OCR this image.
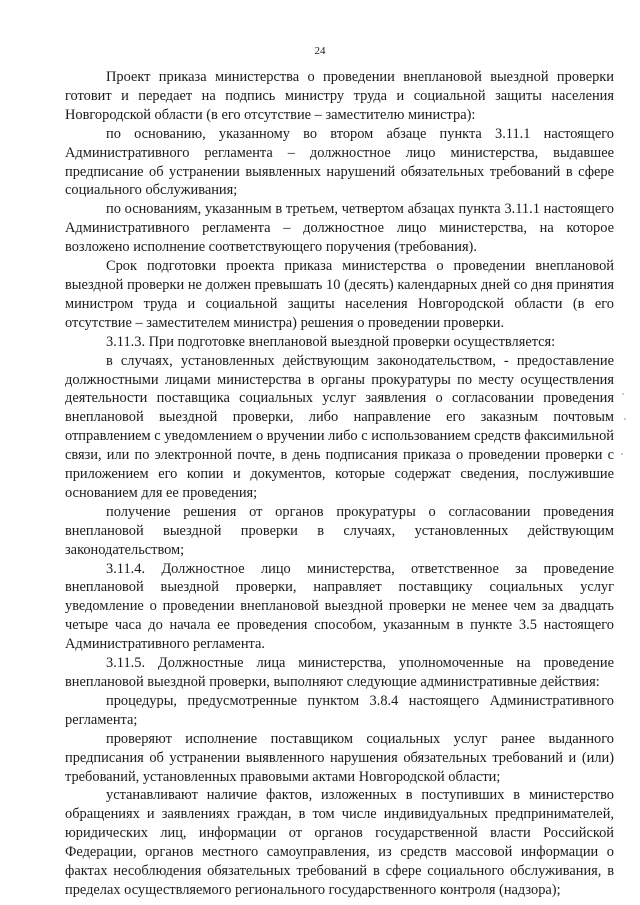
24

Проект приказа министерства о проведении внеплановой выездной проверки готовит и передает на подпись министру труда и социальной защиты населения Новгородской области (в его отсутствие – заместителю министра):

по основанию, указанному во втором абзаце пункта 3.11.1 настоящего Административного регламента – должностное лицо министерства, выдавшее предписание об устранении выявленных нарушений обязательных требований в сфере социального обслуживания;

по основаниям, указанным в третьем, четвертом абзацах пункта 3.11.1 настоящего Административного регламента – должностное лицо министерства, на которое возложено исполнение соответствующего поручения (требования).

Срок подготовки проекта приказа министерства о проведении внеплановой выездной проверки не должен превышать 10 (десять) календарных дней со дня принятия министром труда и социальной защиты населения Новгородской области (в его отсутствие – заместителем министра) решения о проведении проверки.

3.11.3. При подготовке внеплановой выездной проверки осуществляется:

в случаях, установленных действующим законодательством, - предоставление должностными лицами министерства в органы прокуратуры по месту осуществления деятельности поставщика социальных услуг заявления о согласовании проведения внеплановой выездной проверки, либо направление его заказным почтовым отправлением с уведомлением о вручении либо с использованием средств факсимильной связи, или по электронной почте, в день подписания приказа о проведении проверки с приложением его копии и документов, которые содержат сведения, послужившие основанием для ее проведения;

получение решения от органов прокуратуры о согласовании проведения внеплановой выездной проверки в случаях, установленных действующим законодательством;

3.11.4. Должностное лицо министерства, ответственное за проведение внеплановой выездной проверки, направляет поставщику социальных услуг уведомление о проведении внеплановой выездной проверки не менее чем за двадцать четыре часа до начала ее проведения способом, указанным в пункте 3.5 настоящего Административного регламента.

3.11.5. Должностные лица министерства, уполномоченные на проведение внеплановой выездной проверки, выполняют следующие административные действия:

процедуры, предусмотренные пунктом 3.8.4 настоящего Административного регламента;

проверяют исполнение поставщиком социальных услуг ранее выданного предписания об устранении выявленного нарушения обязательных требований и (или) требований, установленных правовыми актами Новгородской области;

устанавливают наличие фактов, изложенных в поступивших в министерство обращениях и заявлениях граждан, в том числе индивидуальных предпринимателей, юридических лиц, информации от органов государственной власти Российской Федерации, органов местного самоуправления, из средств массовой информации о фактах несоблюдения обязательных требований в сфере социального обслуживания, в пределах осуществляемого регионального государственного контроля (надзора);
